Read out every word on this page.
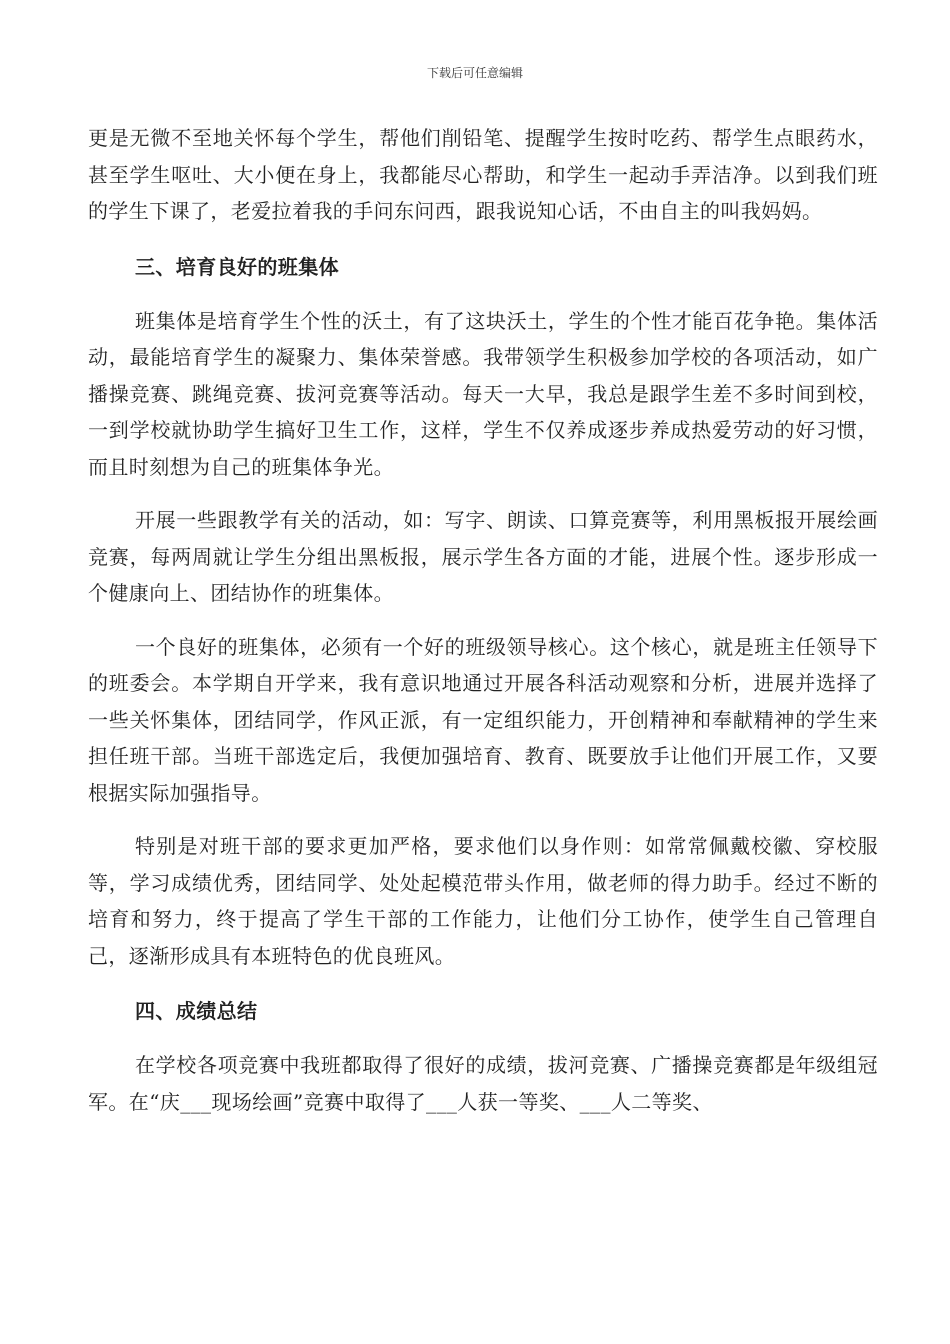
下载后可任意编辑

更是无微不至地关怀每个学生，帮他们削铅笔、提醒学生按时吃药、帮学生点眼药水，甚至学生呕吐、大小便在身上，我都能尽心帮助，和学生一起动手弄洁净。以到我们班的学生下课了，老爱拉着我的手问东问西，跟我说知心话，不由自主的叫我妈妈。

三、培育良好的班集体

班集体是培育学生个性的沃土，有了这块沃土，学生的个性才能百花争艳。集体活动，最能培育学生的凝聚力、集体荣誉感。我带领学生积极参加学校的各项活动，如广播操竞赛、跳绳竞赛、拔河竞赛等活动。每天一大早，我总是跟学生差不多时间到校，一到学校就协助学生搞好卫生工作，这样，学生不仅养成逐步养成热爱劳动的好习惯，而且时刻想为自己的班集体争光。

开展一些跟教学有关的活动，如：写字、朗读、口算竞赛等，利用黑板报开展绘画竞赛，每两周就让学生分组出黑板报，展示学生各方面的才能，进展个性。逐步形成一个健康向上、团结协作的班集体。

一个良好的班集体，必须有一个好的班级领导核心。这个核心，就是班主任领导下的班委会。本学期自开学来，我有意识地通过开展各科活动观察和分析，进展并选择了一些关怀集体，团结同学，作风正派，有一定组织能力，开创精神和奉献精神的学生来担任班干部。当班干部选定后，我便加强培育、教育、既要放手让他们开展工作，又要根据实际加强指导。

特别是对班干部的要求更加严格，要求他们以身作则：如常常佩戴校徽、穿校服等，学习成绩优秀，团结同学、处处起模范带头作用，做老师的得力助手。经过不断的培育和努力，终于提高了学生干部的工作能力，让他们分工协作，使学生自己管理自己，逐渐形成具有本班特色的优良班风。

四、成绩总结

在学校各项竞赛中我班都取得了很好的成绩，拔河竞赛、广播操竞赛都是年级组冠军。在“庆___现场绘画”竞赛中取得了___人获一等奖、___人二等奖、
